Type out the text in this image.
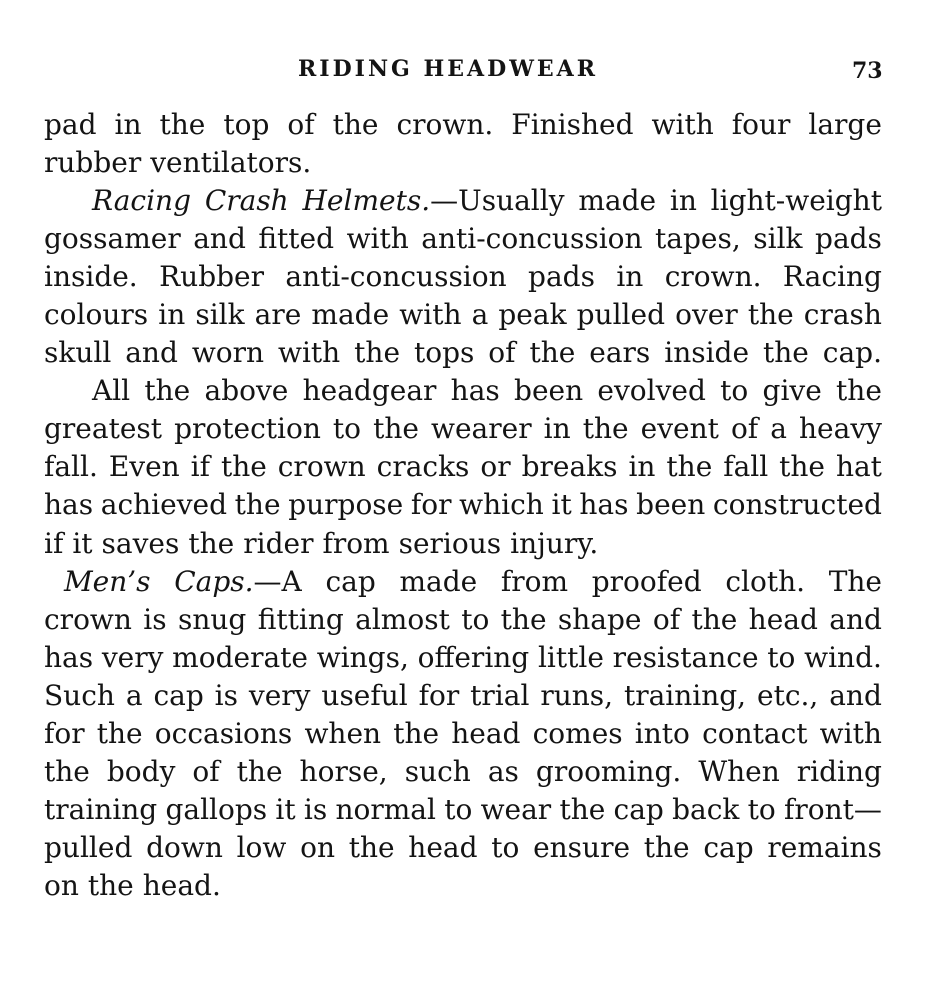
RIDING HEADWEAR	73
pad in the top of the crown. Finished with four large
rubber ventilators.
Racing Crash Helmets.—Usually made in light-weight
gossamer and fitted with anti-concussion tapes, silk pads
inside. Rubber anti-concussion pads in crown. Racing
colours in silk are made with a peak pulled over the crash
skull and worn with the tops of the ears inside the cap.
All the above headgear has been evolved to give the
greatest protection to the wearer in the event of a heavy
fall. Even if the crown cracks or breaks in the fall the hat
has achieved the purpose for which it has been constructed
if it saves the rider from serious injury.
Men’s Caps.—A cap made from proofed cloth. The
crown is snug fitting almost to the shape of the head and
has very moderate wings, offering little resistance to wind.
Such a cap is very useful for trial runs, training, etc., and
for the occasions when the head comes into contact with
the body of the horse, such as grooming. When riding
training gallops it is normal to wear the cap back to front—
pulled down low on the head to ensure the cap remains
on the head.
